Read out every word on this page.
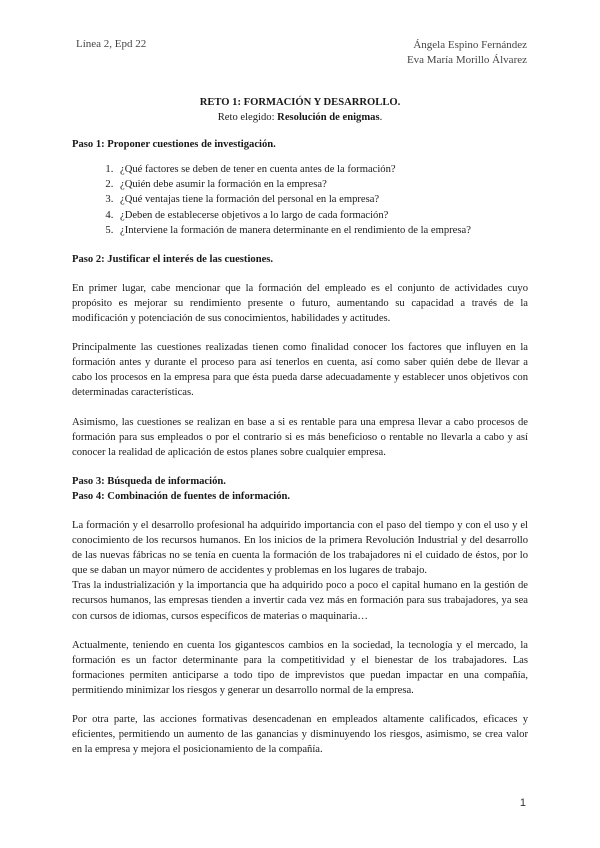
Línea 2, Epd 22	Ángela Espino Fernández
Eva María Morillo Álvarez
RETO 1: FORMACIÓN Y DESARROLLO.
Reto elegido: Resolución de enigmas.
Paso 1: Proponer cuestiones de investigación.
1. ¿Qué factores se deben de tener en cuenta antes de la formación?
2. ¿Quién debe asumir la formación en la empresa?
3. ¿Qué ventajas tiene la formación del personal en la empresa?
4. ¿Deben de establecerse objetivos a lo largo de cada formación?
5. ¿Interviene la formación de manera determinante en el rendimiento de la empresa?
Paso 2: Justificar el interés de las cuestiones.

En primer lugar, cabe mencionar que la formación del empleado es el conjunto de actividades cuyo propósito es mejorar su rendimiento presente o futuro, aumentando su capacidad a través de la modificación y potenciación de sus conocimientos, habilidades y actitudes.

Principalmente las cuestiones realizadas tienen como finalidad conocer los factores que influyen en la formación antes y durante el proceso para así tenerlos en cuenta, así como saber quién debe de llevar a cabo los procesos en la empresa para que ésta pueda darse adecuadamente y establecer unos objetivos con determinadas características.

Asimismo, las cuestiones se realizan en base a si es rentable para una empresa llevar a cabo procesos de formación para sus empleados o por el contrario si es más beneficioso o rentable no llevarla a cabo y así conocer la realidad de aplicación de estos planes sobre cualquier empresa.

Paso 3: Búsqueda de información.
Paso 4: Combinación de fuentes de información.

La formación y el desarrollo profesional ha adquirido importancia con el paso del tiempo y con el uso y el conocimiento de los recursos humanos. En los inicios de la primera Revolución Industrial y del desarrollo de las nuevas fábricas no se tenía en cuenta la formación de los trabajadores ni el cuidado de éstos, por lo que se daban un mayor número de accidentes y problemas en los lugares de trabajo.

Tras la industrialización y la importancia que ha adquirido poco a poco el capital humano en la gestión de recursos humanos, las empresas tienden a invertir cada vez más en formación para sus trabajadores, ya sea con cursos de idiomas, cursos específicos de materias o maquinaria…

Actualmente, teniendo en cuenta los gigantescos cambios en la sociedad, la tecnología y el mercado, la formación es un factor determinante para la competitividad y el bienestar de los trabajadores. Las formaciones permiten anticiparse a todo tipo de imprevistos que puedan impactar en una compañía, permitiendo minimizar los riesgos y generar un desarrollo normal de la empresa.

Por otra parte, las acciones formativas desencadenan en empleados altamente calificados, eficaces y eficientes, permitiendo un aumento de las ganancias y disminuyendo los riesgos, asimismo, se crea valor en la empresa y mejora el posicionamiento de la compañía.

1
